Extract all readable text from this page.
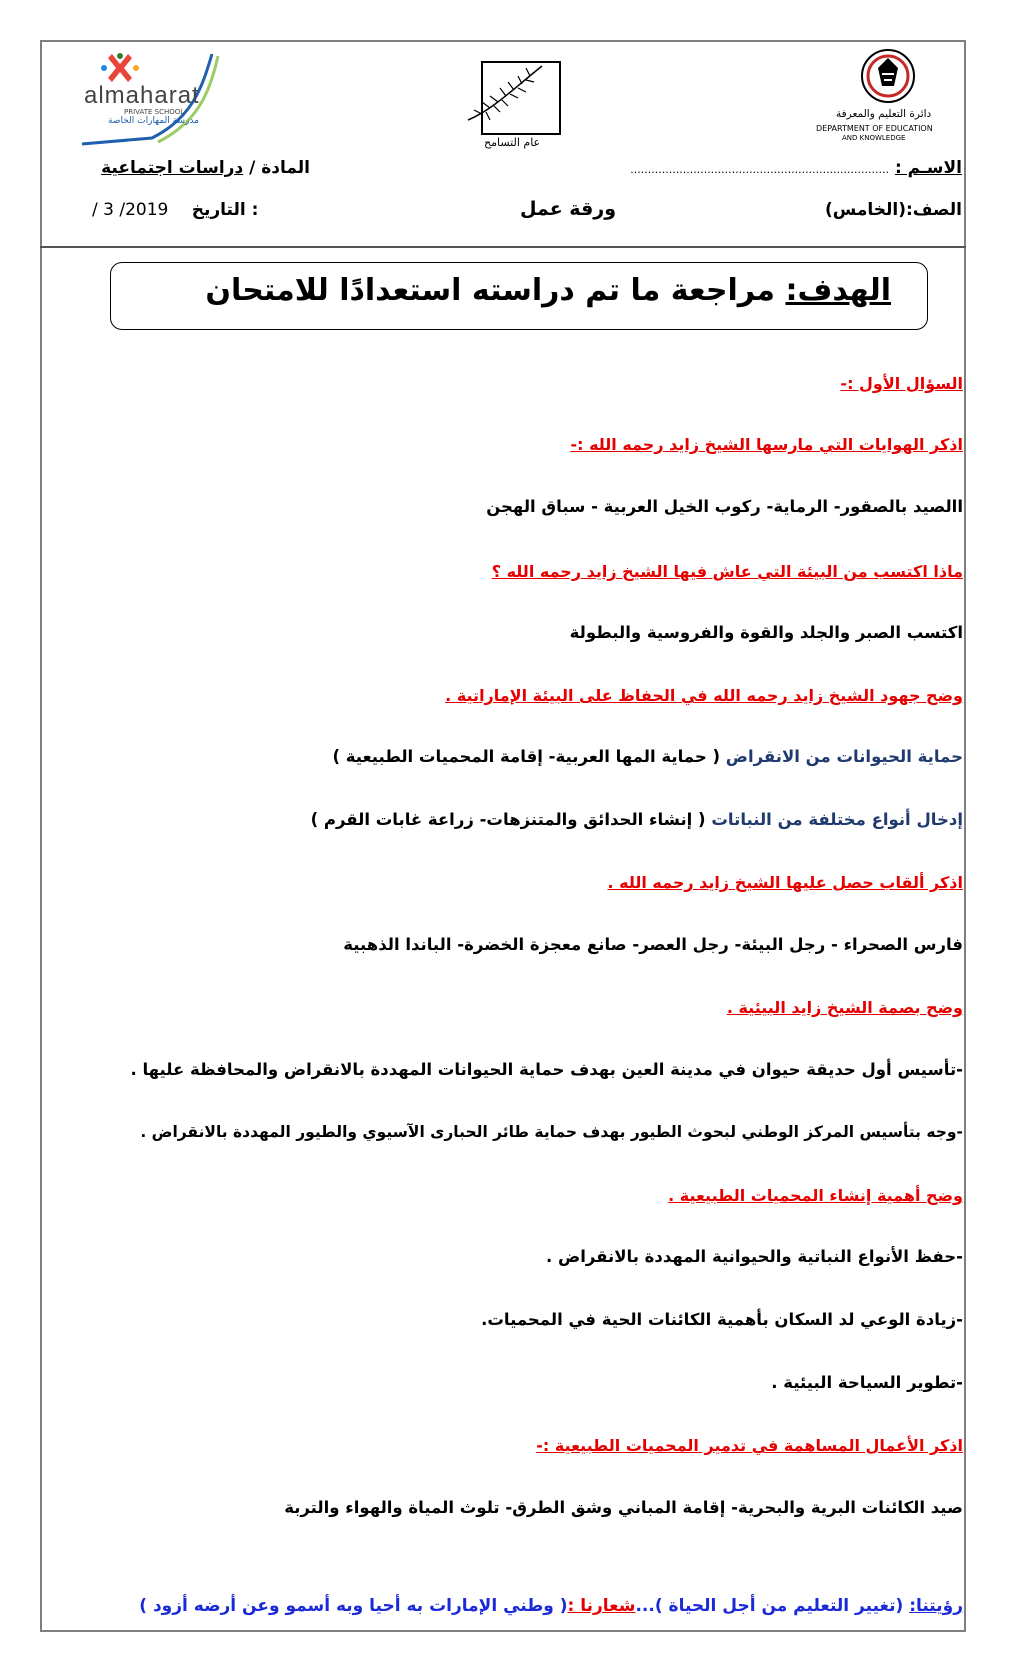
almaharat
PRIVATE SCHOOL
مدرسة المهارات الخاصة
عام التسامح
دائرة التعليم والمعرفة
DEPARTMENT OF EDUCATION
AND KNOWLEDGE
المادة / دراسات اجتماعية	الاسـم : ..........................................................................
/ 3 /2019 التاريخ :	ورقة عمل	الصف:(الخامس)
الهدف: مراجعة ما تم دراسته استعدادًا للامتحان
السؤال الأول :-
اذكر الهوايات التي مارسها الشيخ زايد رحمه الله :-
االصيد بالصقور- الرماية- ركوب الخيل العربية - سباق الهجن
ماذا اكتسب من البيئة التي عاش فيها الشيخ زايد رحمه الله ؟
اكتسب الصبر والجلد والقوة والفروسية والبطولة
وضح جهود الشيخ زايد رحمه الله في الحفاظ على البيئة الإماراتية .
حماية الحيوانات من الانقراض ( حماية المها العربية- إقامة المحميات الطبيعية )
إدخال أنواع مختلفة من النباتات ( إنشاء الحدائق والمتنزهات- زراعة غابات القرم )
اذكر ألقاب حصل عليها الشيخ زايد رحمه الله .
فارس الصحراء - رجل البيئة- رجل العصر- صانع معجزة الخضرة- الباندا الذهبية
وضح بصمة الشيخ زايد البيئية .
-تأسيس أول حديقة حيوان في مدينة العين بهدف حماية الحيوانات المهددة بالانقراض والمحافظة عليها .
-وجه بتأسيس المركز الوطني لبحوث الطيور بهدف حماية طائر الحبارى الآسيوي والطيور المهددة بالانقراض .
وضح أهمية إنشاء المحميات الطبيعية .
-حفظ الأنواع النباتية والحيوانية المهددة بالانقراض .
-زيادة الوعي لد السكان بأهمية الكائنات الحية في المحميات.
-تطوير السياحة البيئية .
اذكر الأعمال المساهمة في تدمير المحميات الطبيعية :-
صيد الكائنات البرية والبحرية- إقامة المباني وشق الطرق- تلوث المياة والهواء والتربة
رؤيتنا: (تغيير التعليم من أجل الحياة )...شعارنا :( وطني الإمارات به أحيا وبه أسمو وعن أرضه أزود )
